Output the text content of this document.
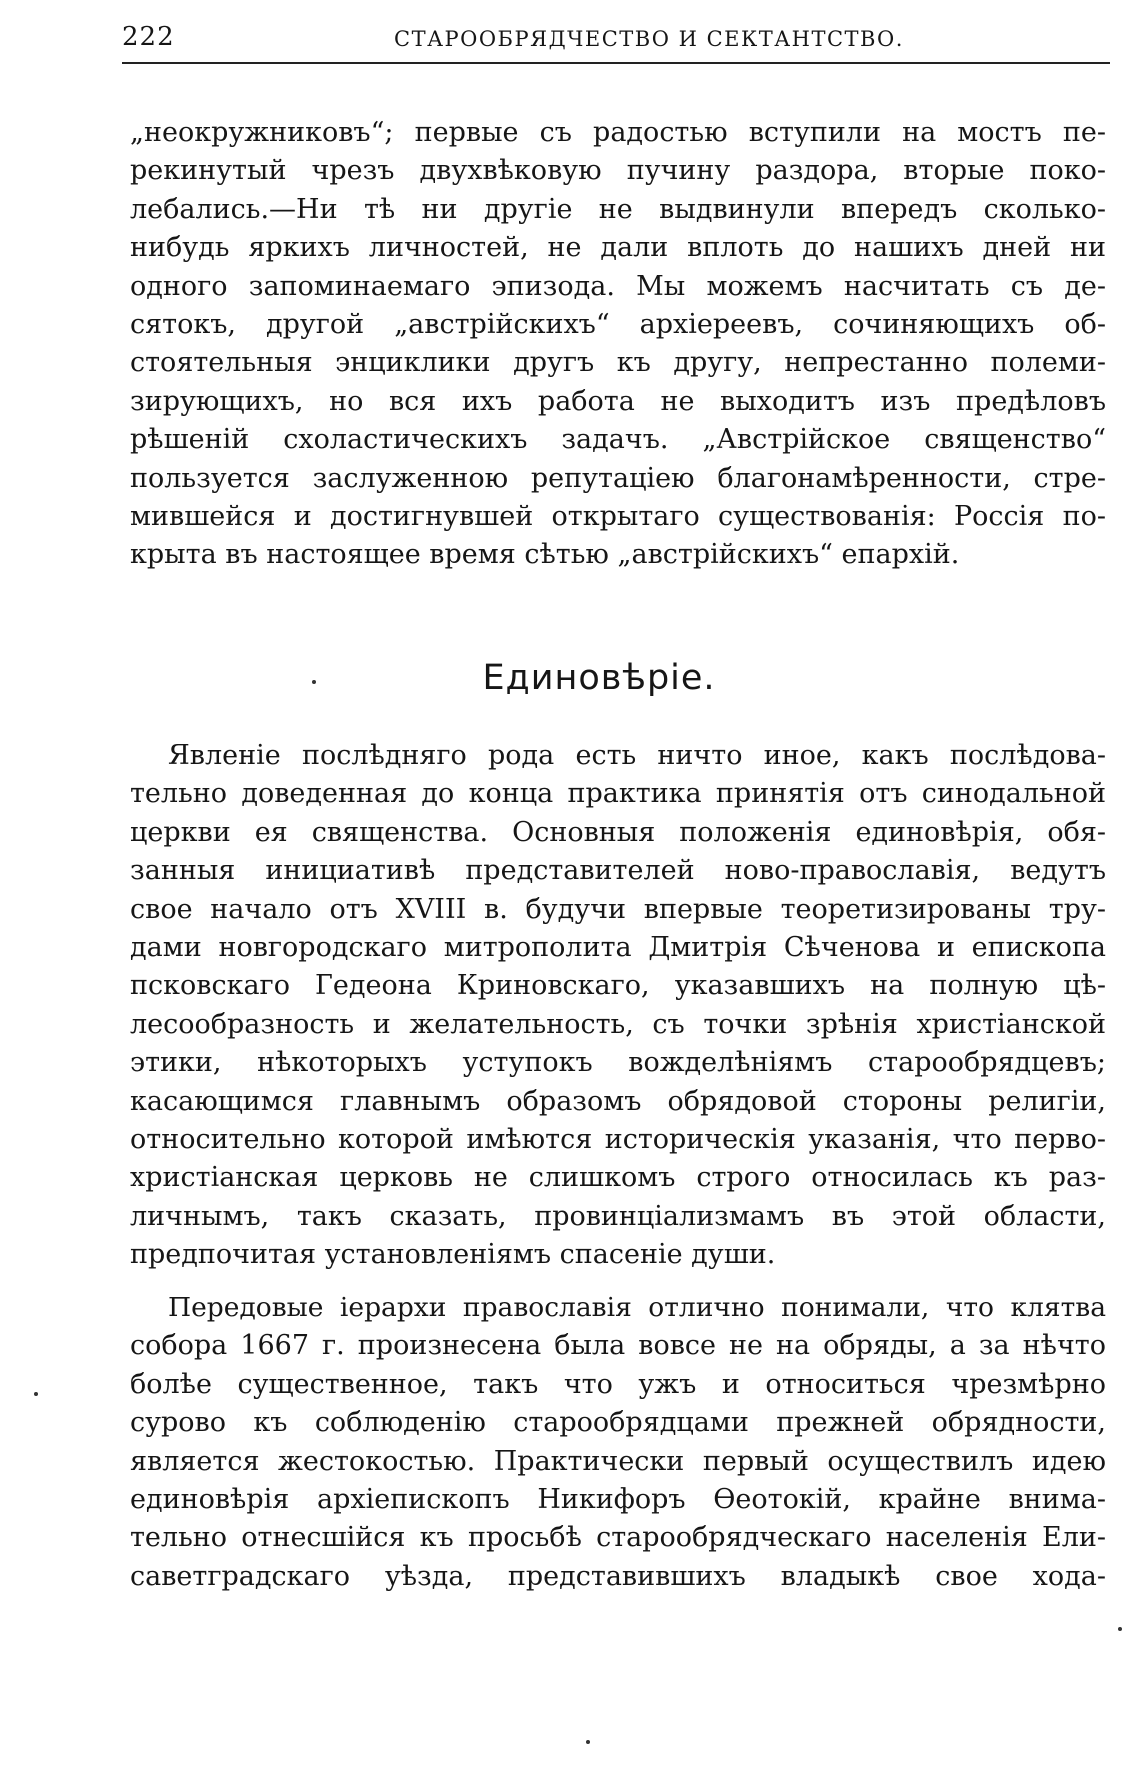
222	СТАРООБРЯДЧЕСТВО И СЕКТАНТСТВО.
„неокружниковъ“; первые съ радостью вступили на мостъ пе-
рекинутый чрезъ двухвѣковую пучину раздора, вторые поко-
лебались.—Ни тѣ ни другіе не выдвинули впередъ сколько-
нибудь яркихъ личностей, не дали вплоть до нашихъ дней ни
одного запоминаемаго эпизода. Мы можемъ насчитать съ де-
сятокъ, другой „австрійскихъ“ архіереевъ, сочиняющихъ об-
стоятельныя энциклики другъ къ другу, непрестанно полеми-
зирующихъ, но вся ихъ работа не выходитъ изъ предѣловъ
рѣшеній схоластическихъ задачъ. „Австрійское священство“
пользуется заслуженною репутаціею благонамѣренности, стре-
мившейся и достигнувшей открытаго существованія: Россія по-
крыта въ настоящее время сѣтью „австрійскихъ“ епархій.
Единовѣріе.
Явленіе послѣдняго рода есть ничто иное, какъ послѣдова-
тельно доведенная до конца практика принятія отъ синодальной
церкви ея священства. Основныя положенія единовѣрія, обя-
занныя инициативѣ представителей ново-православія, ведутъ
свое начало отъ XVIII в. будучи впервые теоретизированы тру-
дами новгородскаго митрополита Дмитрія Сѣченова и епископа
псковскаго Гедеона Криновскаго, указавшихъ на полную цѣ-
лесообразность и желательность, съ точки зрѣнія христіанской
этики, нѣкоторыхъ уступокъ вожделѣніямъ старообрядцевъ;
касающимся главнымъ образомъ обрядовой стороны религіи,
относительно которой имѣются историческія указанія, что перво-
христіанская церковь не слишкомъ строго относилась къ раз-
личнымъ, такъ сказать, провинціализмамъ въ этой области,
предпочитая установленіямъ спасеніе души.
Передовые іерархи православія отлично понимали, что клятва
собора 1667 г. произнесена была вовсе не на обряды, а за нѣчто
болѣе существенное, такъ что ужъ и относиться чрезмѣрно
сурово къ соблюденію старообрядцами прежней обрядности,
является жестокостью. Практически первый осуществилъ идею
единовѣрія архіепископъ Никифоръ Өеотокій, крайне внима-
тельно отнесшійся къ просьбѣ старообрядческаго населенія Ели-
саветградскаго уѣзда, представившихъ владыкѣ свое хода-
